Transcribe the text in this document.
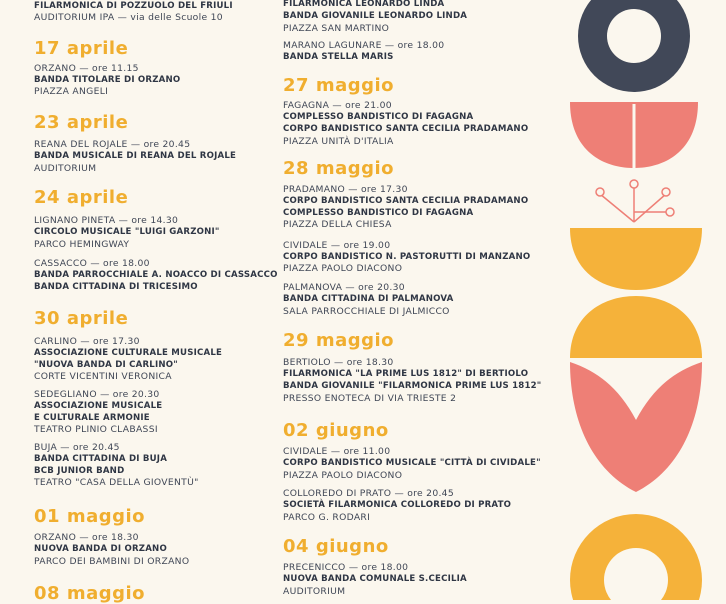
FILARMONICA DI POZZUOLO DEL FRIULI
AUDITORIUM IPA — via delle Scuole 10
17 aprile
ORZANO — ore 11.15
BANDA TITOLARE DI ORZANO
PIAZZA ANGELI
23 aprile
REANA DEL ROJALE — ore 20.45
BANDA MUSICALE DI REANA DEL ROJALE
AUDITORIUM
24 aprile
LIGNANO PINETA — ore 14.30
CIRCOLO MUSICALE "LUIGI GARZONI"
PARCO HEMINGWAY
CASSACCO — ore 18.00
BANDA PARROCCHIALE A. NOACCO DI CASSACCO
BANDA CITTADINA DI TRICESIMO
30 aprile
CARLINO — ore 17.30
ASSOCIAZIONE CULTURALE MUSICALE
"NUOVA BANDA DI CARLINO"
CORTE VICENTINI VERONICA
SEDEGLIANO — ore 20.30
ASSOCIAZIONE MUSICALE
E CULTURALE ARMONIE
TEATRO PLINIO CLABASSI
BUJA — ore 20.45
BANDA CITTADINA DI BUJA
BCB JUNIOR BAND
TEATRO "CASA DELLA GIOVENTÙ"
01 maggio
ORZANO — ore 18.30
NUOVA BANDA DI ORZANO
PARCO DEI BAMBINI DI ORZANO
08 maggio
FILARMONICA LEONARDO LINDA
BANDA GIOVANILE LEONARDO LINDA
PIAZZA SAN MARTINO
MARANO LAGUNARE — ore 18.00
BANDA STELLA MARIS
27 maggio
FAGAGNA — ore 21.00
COMPLESSO BANDISTICO DI FAGAGNA
CORPO BANDISTICO SANTA CECILIA PRADAMANO
PIAZZA UNITÀ D'ITALIA
28 maggio
PRADAMANO — ore 17.30
CORPO BANDISTICO SANTA CECILIA PRADAMANO
COMPLESSO BANDISTICO DI FAGAGNA
PIAZZA DELLA CHIESA
CIVIDALE — ore 19.00
CORPO BANDISTICO N. PASTORUTTI DI MANZANO
PIAZZA PAOLO DIACONO
PALMANOVA — ore 20.30
BANDA CITTADINA DI PALMANOVA
SALA PARROCCHIALE DI JALMICCO
29 maggio
BERTIOLO — ore 18.30
FILARMONICA "LA PRIME LUS 1812" DI BERTIOLO
BANDA GIOVANILE "FILARMONICA PRIME LUS 1812"
PRESSO ENOTECA DI VIA TRIESTE 2
02 giugno
CIVIDALE — ore 11.00
CORPO BANDISTICO MUSICALE "CITTÀ DI CIVIDALE"
PIAZZA PAOLO DIACONO
COLLOREDO DI PRATO — ore 20.45
SOCIETÀ FILARMONICA COLLOREDO DI PRATO
PARCO G. RODARI
04 giugno
PRECENICCO — ore 18.00
NUOVA BANDA COMUNALE S.CECILIA
AUDITORIUM
